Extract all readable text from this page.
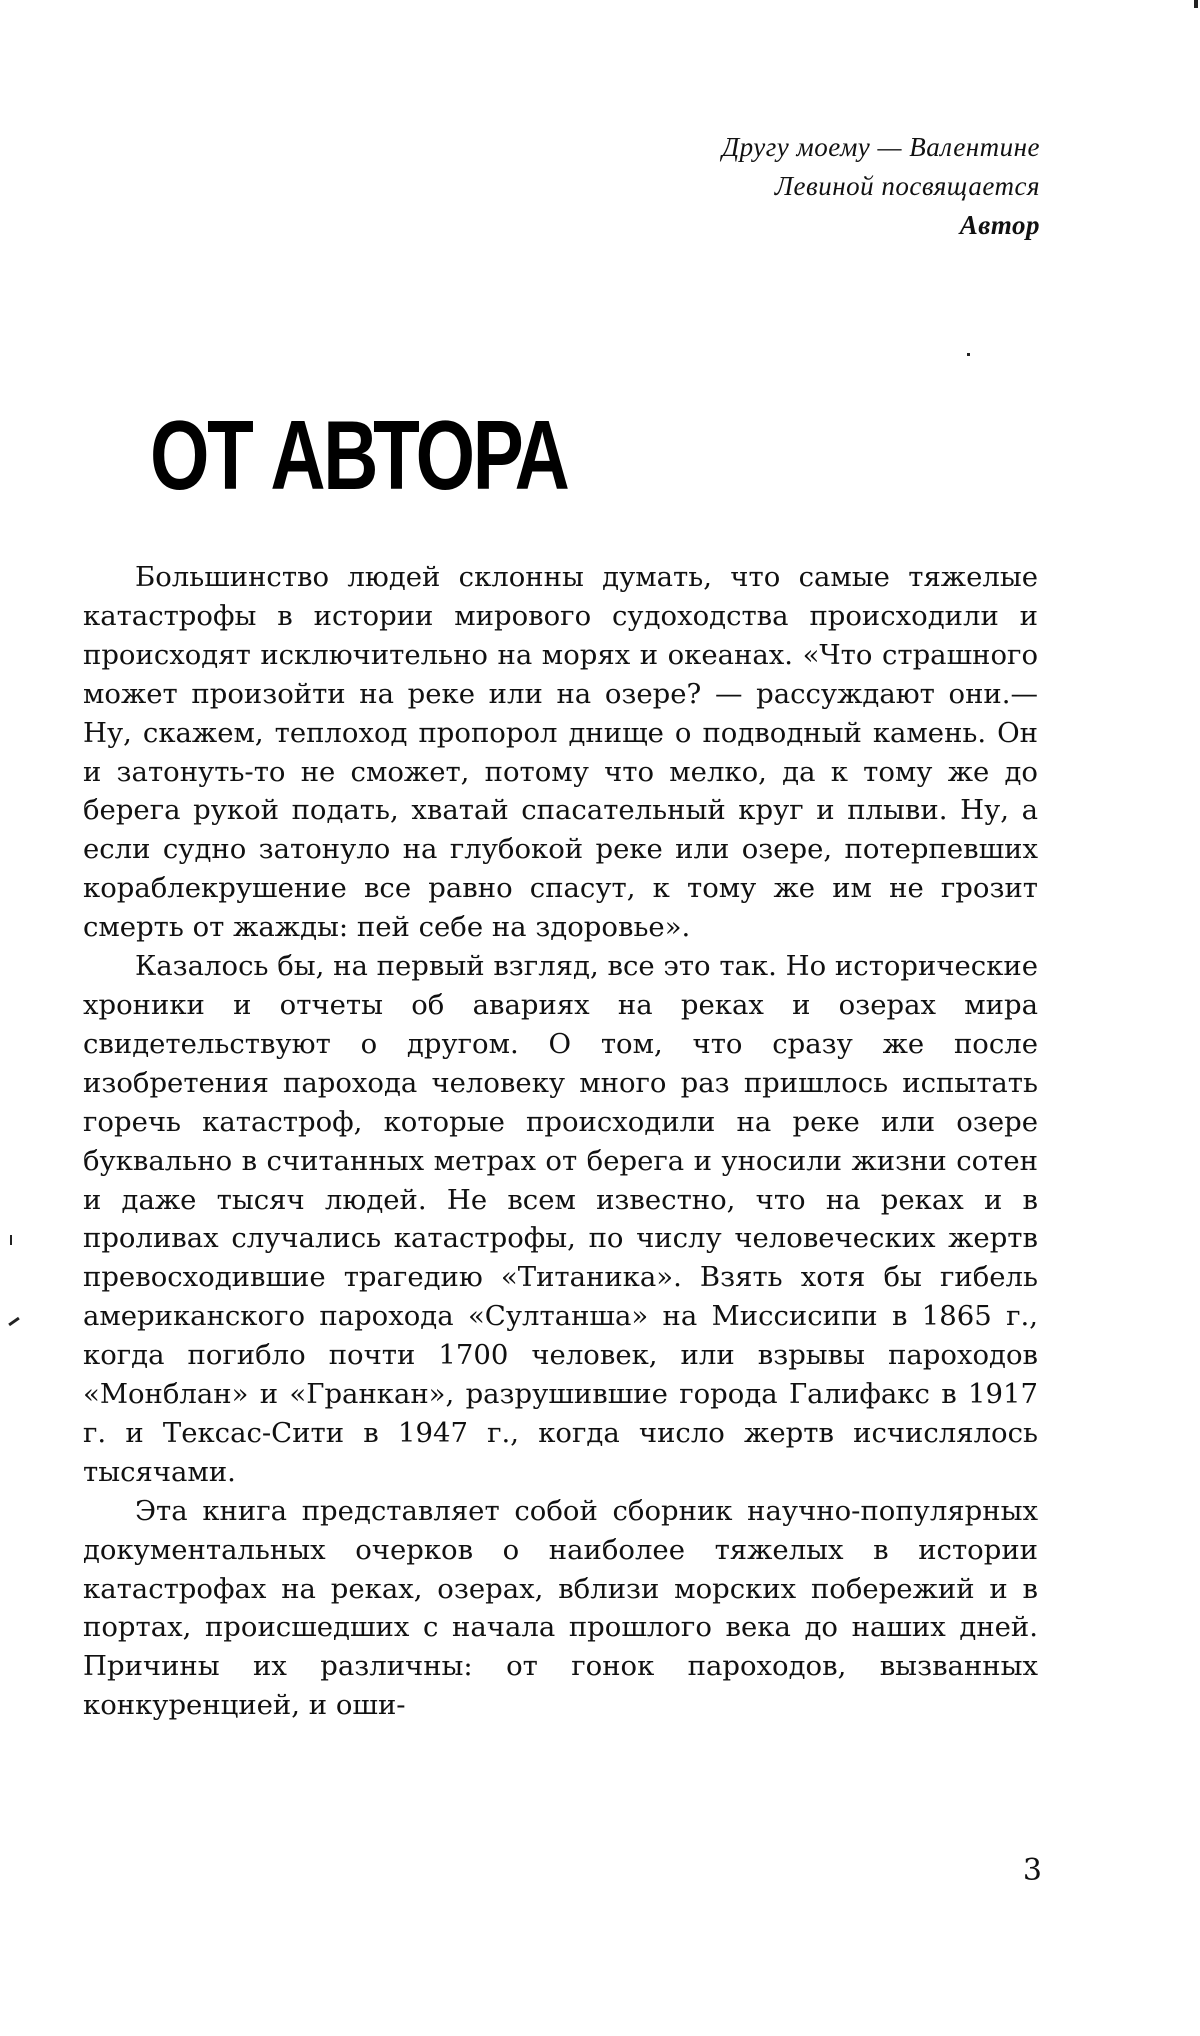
Другу моему — Валентине
Левиной посвящается
Автор
ОТ АВТОРА

Большинство людей склонны думать, что самые тяжелые катастрофы в истории мирового судоходства происходили и происходят исключительно на морях и океанах. «Что страшного может произойти на реке или на озере? — рассуждают они.— Ну, скажем, теплоход пропорол днище о подводный камень. Он и затонуть-то не сможет, потому что мелко, да к тому же до берега рукой подать, хватай спасательный круг и плыви. Ну, а если судно затонуло на глубокой реке или озере, потерпевших кораблекрушение все равно спасут, к тому же им не грозит смерть от жажды: пей себе на здоровье».

Казалось бы, на первый взгляд, все это так. Но исторические хроники и отчеты об авариях на реках и озерах мира свидетельствуют о другом. О том, что сразу же после изобретения парохода человеку много раз пришлось испытать горечь катастроф, которые происходили на реке или озере буквально в считанных метрах от берега и уносили жизни сотен и даже тысяч людей. Не всем известно, что на реках и в проливах случались катастрофы, по числу человеческих жертв превосходившие трагедию «Титаника». Взять хотя бы гибель американского парохода «Султанша» на Миссисипи в 1865 г., когда погибло почти 1700 человек, или взрывы пароходов «Монблан» и «Гранкан», разрушившие города Галифакс в 1917 г. и Тексас-Сити в 1947 г., когда число жертв исчислялось тысячами.

Эта книга представляет собой сборник научно-популярных документальных очерков о наиболее тяжелых в истории катастрофах на реках, озерах, вблизи морских побережий и в портах, происшедших с начала прошлого века до наших дней. Причины их различны: от гонок пароходов, вызванных конкуренцией, и оши-

3
